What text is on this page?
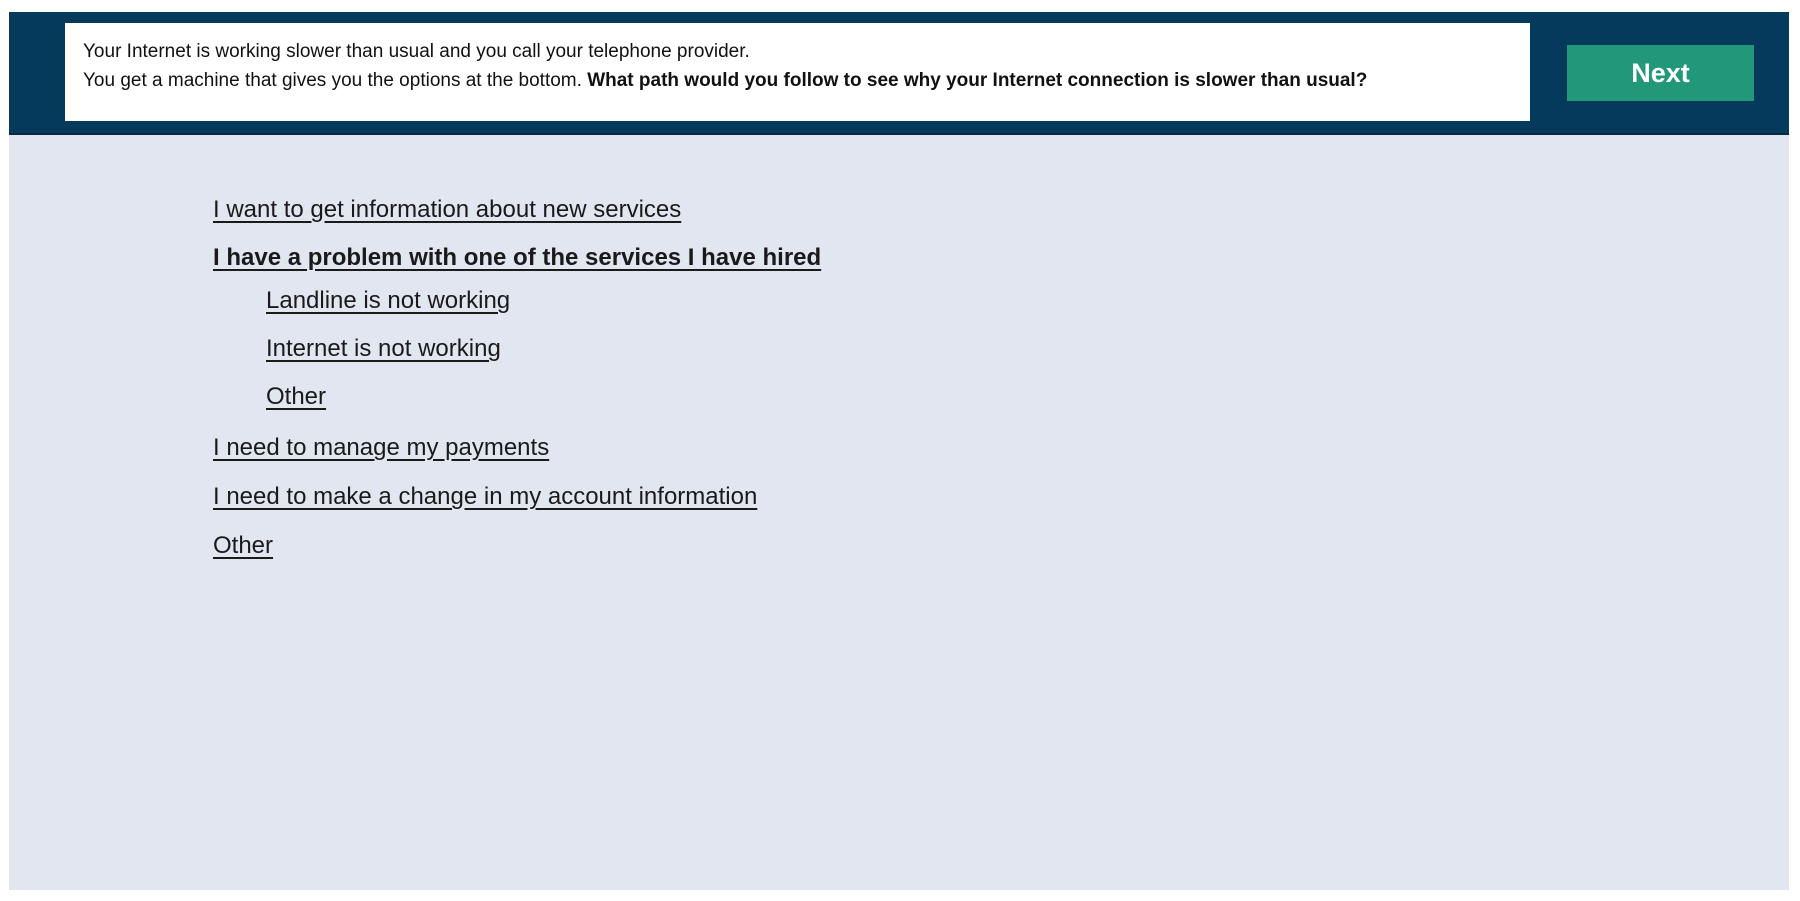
Your Internet is working slower than usual and you call your telephone provider.
You get a machine that gives you the options at the bottom. What path would you follow to see why your Internet connection is slower than usual?	Next
I want to get information about new services
I have a problem with one of the services I have hired
Landline is not working
Internet is not working
Other
I need to manage my payments
I need to make a change in my account information
Other
